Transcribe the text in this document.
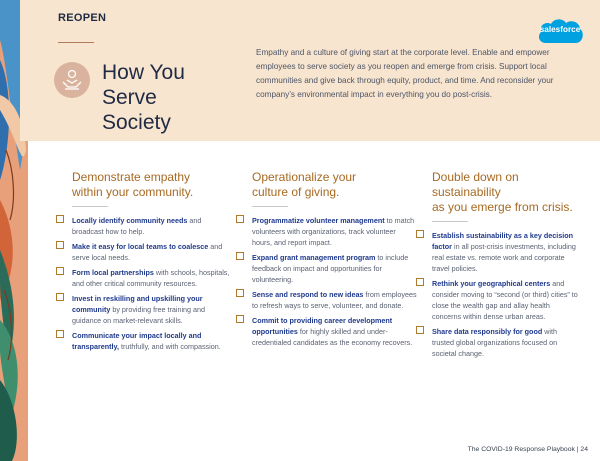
REOPEN
salesforce
How You Serve
Society
Empathy and a culture of giving start at the corporate level. Enable and empower employees to serve society as you reopen and emerge from crisis. Support local communities and give back through equity, product, and time. And reconsider your company’s environmental impact in everything you do post-crisis.
Demonstrate empathy
within your community.
Locally identify community needs and broadcast how to help.
Make it easy for local teams to coalesce and serve local needs.
Form local partnerships with schools, hospitals, and other critical community resources.
Invest in reskilling and upskilling your community by providing free training and guidance on market-relevant skills.
Communicate your impact locally and transparently, truthfully, and with compassion.
Operationalize your
culture of giving.
Programmatize volunteer management to match volunteers with organizations, track volunteer hours, and report impact.
Expand grant management program to include feedback on impact and opportunities for volunteering.
Sense and respond to new ideas from employees to refresh ways to serve, volunteer, and donate.
Commit to providing career development opportunities for highly skilled and under-credentialed candidates as the economy recovers.
Double down on sustainability
as you emerge from crisis.
Establish sustainability as a key decision factor in all post-crisis investments, including real estate vs. remote work and corporate travel policies.
Rethink your geographical centers and consider moving to “second (or third) cities” to close the wealth gap and allay health concerns within dense urban areas.
Share data responsibly for good with trusted global organizations focused on societal change.
The COVID-19 Response Playbook | 24
